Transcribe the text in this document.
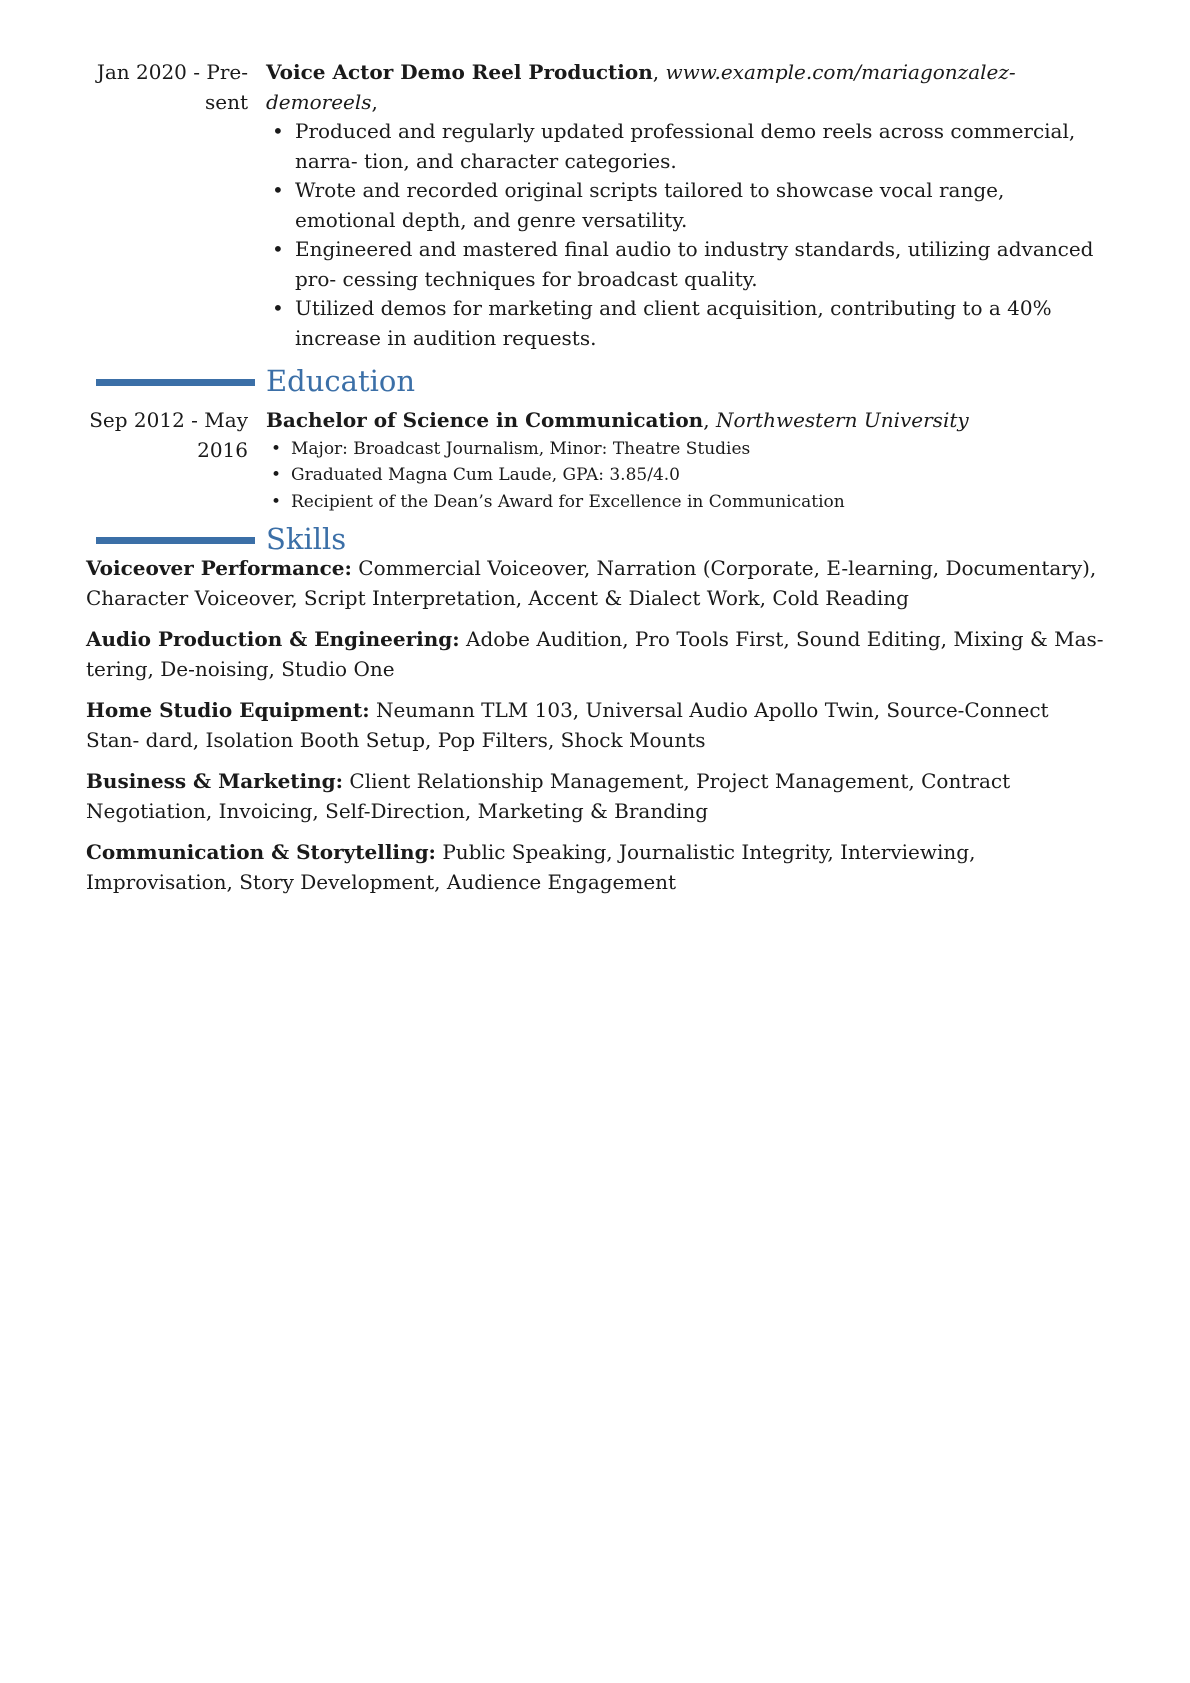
Jan 2020 - Pre-
sent
Voice Actor Demo Reel Production, www.example.com/mariagonzalez-
demoreels,
• Produced and regularly updated professional demo reels across commercial, narra- tion, and character categories.
• Wrote and recorded original scripts tailored to showcase vocal range, emotional depth, and genre versatility.
• Engineered and mastered final audio to industry standards, utilizing advanced pro- cessing techniques for broadcast quality.
• Utilized demos for marketing and client acquisition, contributing to a 40% increase in audition requests.
Education
Sep 2012 - May
2016
Bachelor of Science in Communication, Northwestern University
• Major: Broadcast Journalism, Minor: Theatre Studies
• Graduated Magna Cum Laude, GPA: 3.85/4.0
• Recipient of the Dean’s Award for Excellence in Communication
Skills
Voiceover Performance: Commercial Voiceover, Narration (Corporate, E-learning, Documentary), Character Voiceover, Script Interpretation, Accent & Dialect Work, Cold Reading
Audio Production & Engineering: Adobe Audition, Pro Tools First, Sound Editing, Mixing & Mas- tering, De-noising, Studio One
Home Studio Equipment: Neumann TLM 103, Universal Audio Apollo Twin, Source-Connect Stan- dard, Isolation Booth Setup, Pop Filters, Shock Mounts
Business & Marketing: Client Relationship Management, Project Management, Contract Negotiation, Invoicing, Self-Direction, Marketing & Branding
Communication & Storytelling: Public Speaking, Journalistic Integrity, Interviewing, Improvisation, Story Development, Audience Engagement
